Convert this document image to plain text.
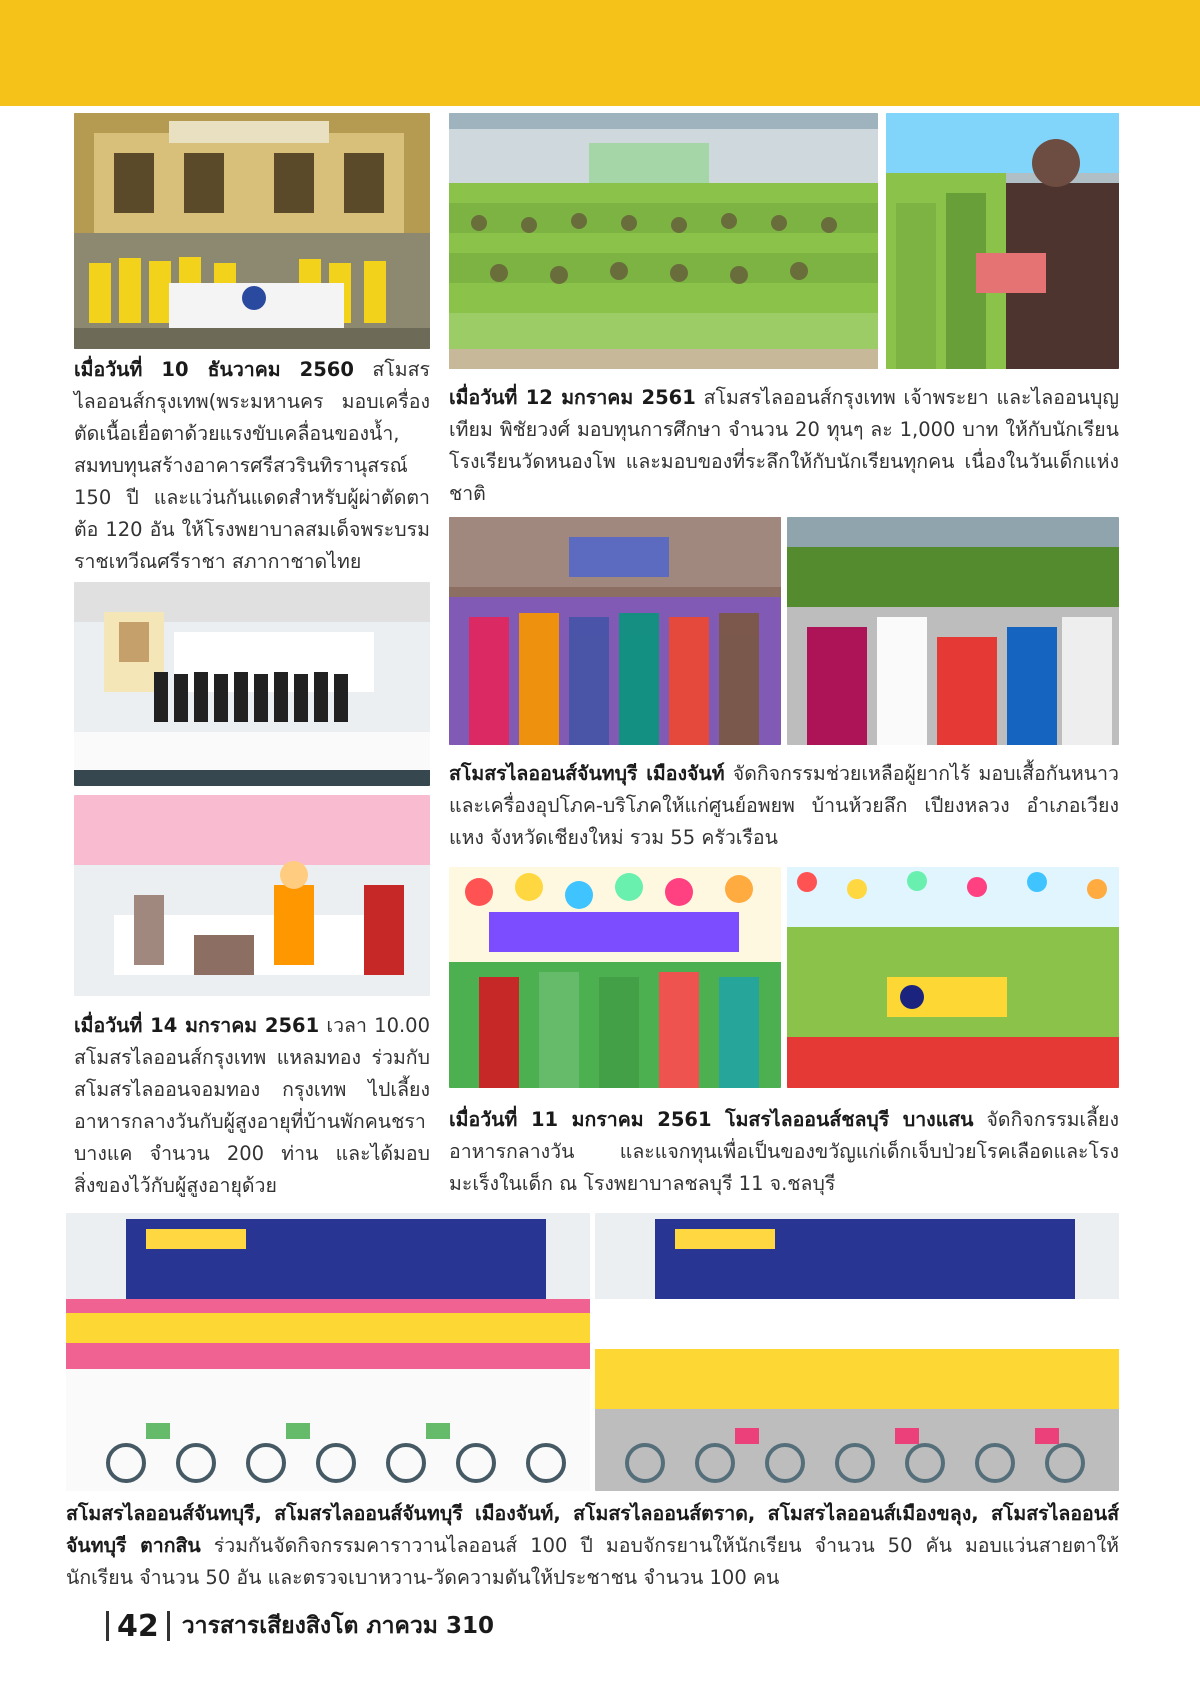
เมื่อวันที่ 10 ธันวาคม 2560 สโมสรไลออนส์กรุงเทพ(พระมหานคร มอบเครื่องตัดเนื้อเยื่อตาด้วยแรงขับเคลื่อนของน้ำ, สมทบทุนสร้างอาคารศรีสวรินทิรานุสรณ์ 150 ปี และแว่นกันแดดสำหรับผู้ผ่าตัดตาต้อ 120 อัน ให้โรงพยาบาลสมเด็จพระบรมราชเทวีณศรีราชา สภากาชาดไทย
เมื่อวันที่ 12 มกราคม 2561 สโมสรไลออนส์กรุงเทพ เจ้าพระยา และไลออนบุญเทียม พิชัยวงศ์ มอบทุนการศึกษา จำนวน 20 ทุนๆ ละ 1,000 บาท ให้กับนักเรียนโรงเรียนวัดหนองโพ และมอบของที่ระลึกให้กับนักเรียนทุกคน เนื่องในวันเด็กแห่งชาติ
สโมสรไลออนส์จันทบุรี เมืองจันท์ จัดกิจกรรมช่วยเหลือผู้ยากไร้ มอบเสื้อกันหนาว และเครื่องอุปโภค-บริโภคให้แก่ศูนย์อพยพ บ้านห้วยลึก เปียงหลวง อำเภอเวียงแหง จังหวัดเชียงใหม่ รวม 55 ครัวเรือน
เมื่อวันที่ 14 มกราคม 2561 เวลา 10.00 สโมสรไลออนส์กรุงเทพ แหลมทอง ร่วมกับสโมสรไลออนจอมทอง กรุงเทพ ไปเลี้ยงอาหารกลางวันกับผู้สูงอายุที่บ้านพักคนชราบางแค จำนวน 200 ท่าน และได้มอบสิ่งของไว้กับผู้สูงอายุด้วย
เมื่อวันที่ 11 มกราคม 2561 โมสรไลออนส์ชลบุรี บางแสน จัดกิจกรรมเลี้ยงอาหารกลางวัน และแจกทุนเพื่อเป็นของขวัญแก่เด็กเจ็บป่วยโรคเลือดและโรงมะเร็งในเด็ก ณ โรงพยาบาลชลบุรี 11 จ.ชลบุรี
สโมสรไลออนส์จันทบุรี, สโมสรไลออนส์จันทบุรี เมืองจันท์, สโมสรไลออนส์ตราด, สโมสรไลออนส์เมืองขลุง, สโมสรไลออนส์จันทบุรี ตากสิน ร่วมกันจัดกิจกรรมคาราวานไลออนส์ 100 ปี มอบจักรยานให้นักเรียน จำนวน 50 คัน มอบแว่นสายตาให้นักเรียน จำนวน 50 อัน และตรวจเบาหวาน-วัดความดันให้ประชาชน จำนวน 100 คน
42 วารสารเสียงสิงโต ภาควม 310
